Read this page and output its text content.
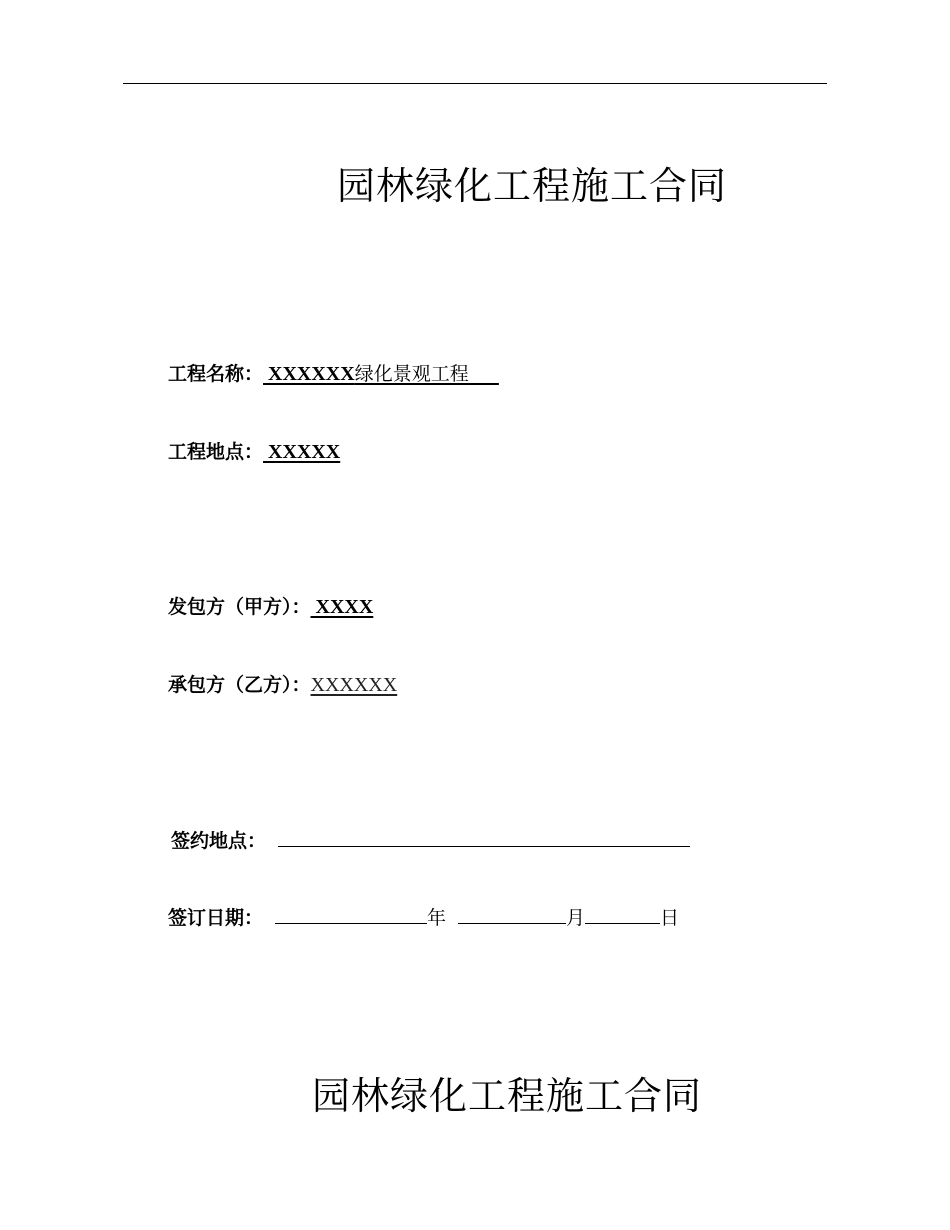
园林绿化工程施工合同
工程名称： XXXXXX绿化景观工程
工程地点： XXXXX
发包方（甲方）： XXXX
承包方（乙方）：XXXXXX
签约地点：
签订日期：	年	月	日
园林绿化工程施工合同
